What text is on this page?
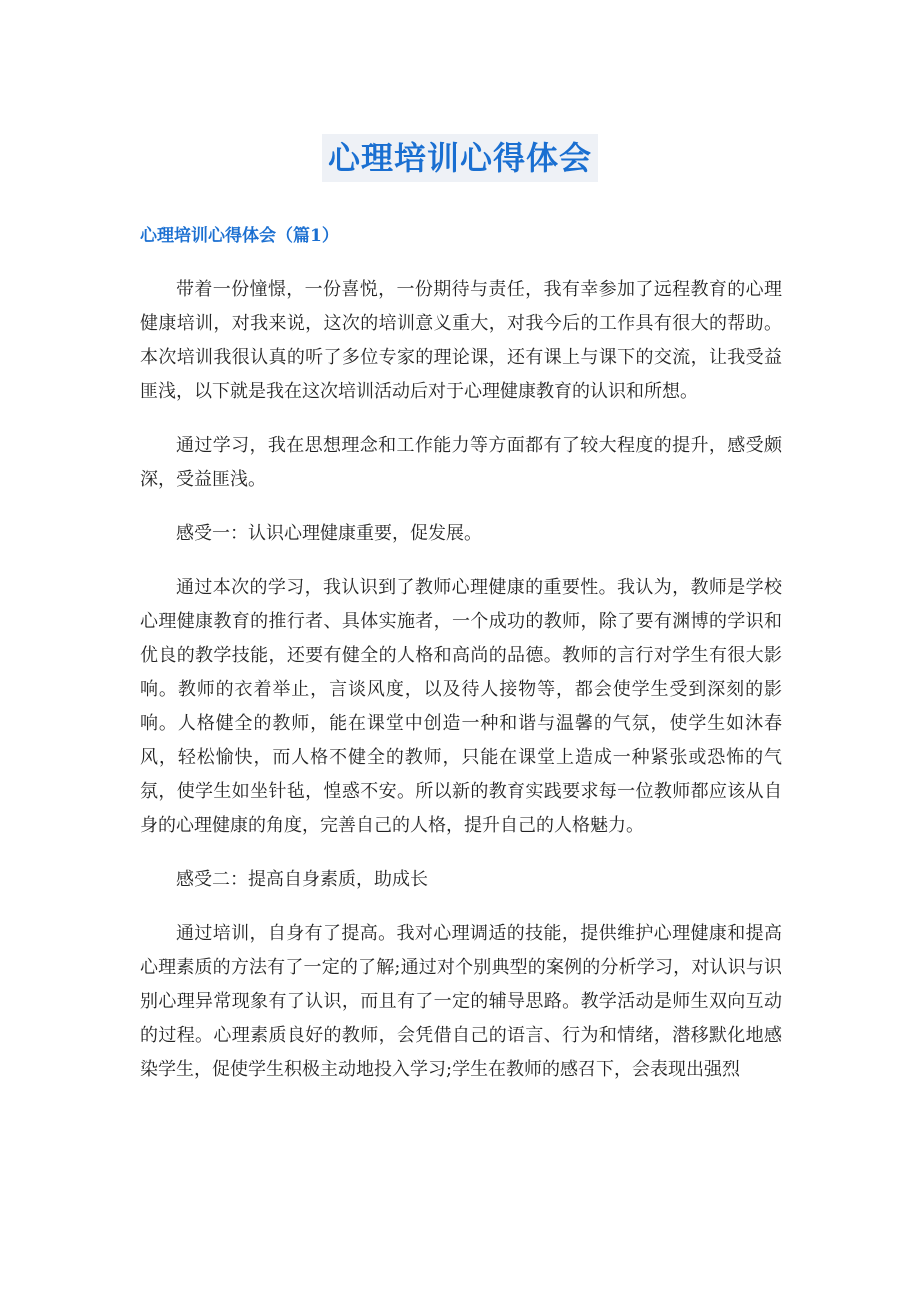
心理培训心得体会
心理培训心得体会（篇1）

带着一份憧憬，一份喜悦，一份期待与责任，我有幸参加了远程教育的心理健康培训，对我来说，这次的培训意义重大，对我今后的工作具有很大的帮助。本次培训我很认真的听了多位专家的理论课，还有课上与课下的交流，让我受益匪浅，以下就是我在这次培训活动后对于心理健康教育的认识和所想。

通过学习，我在思想理念和工作能力等方面都有了较大程度的提升，感受颇深，受益匪浅。

感受一：认识心理健康重要，促发展。

通过本次的学习，我认识到了教师心理健康的重要性。我认为，教师是学校心理健康教育的推行者、具体实施者，一个成功的教师，除了要有渊博的学识和优良的教学技能，还要有健全的人格和高尚的品德。教师的言行对学生有很大影响。教师的衣着举止，言谈风度，以及待人接物等，都会使学生受到深刻的影响。人格健全的教师，能在课堂中创造一种和谐与温馨的气氛，使学生如沐春风，轻松愉快，而人格不健全的教师，只能在课堂上造成一种紧张或恐怖的气氛，使学生如坐针毡，惶惑不安。所以新的教育实践要求每一位教师都应该从自身的心理健康的角度，完善自己的人格，提升自己的人格魅力。

感受二：提高自身素质，助成长

通过培训，自身有了提高。我对心理调适的技能，提供维护心理健康和提高心理素质的方法有了一定的了解;通过对个别典型的案例的分析学习，对认识与识别心理异常现象有了认识，而且有了一定的辅导思路。教学活动是师生双向互动的过程。心理素质良好的教师，会凭借自己的语言、行为和情绪，潜移默化地感染学生，促使学生积极主动地投入学习;学生在教师的感召下，会表现出强烈
